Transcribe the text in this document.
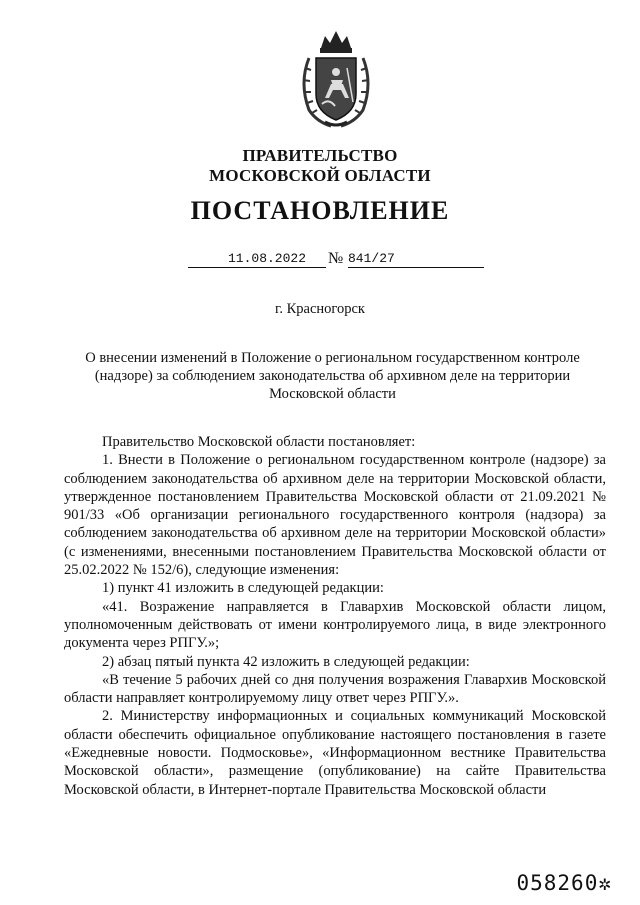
ПРАВИТЕЛЬСТВО
МОСКОВСКОЙ ОБЛАСТИ
ПОСТАНОВЛЕНИЕ
11.08.2022	№ 841/27
г. Красногорск
О внесении изменений в Положение о региональном государственном контроле (надзоре) за соблюдением законодательства об архивном деле на территории Московской области

Правительство Московской области постановляет:

1. Внести в Положение о региональном государственном контроле (надзоре) за соблюдением законодательства об архивном деле на территории Московской области, утвержденное постановлением Правительства Московской области от 21.09.2021 № 901/33 «Об организации регионального государственного контроля (надзора) за соблюдением законодательства об архивном деле на территории Московской области» (с изменениями, внесенными постановлением Правительства Московской области от 25.02.2022 № 152/6), следующие изменения:

1) пункт 41 изложить в следующей редакции:

«41. Возражение направляется в Главархив Московской области лицом, уполномоченным действовать от имени контролируемого лица, в виде электронного документа через РПГУ.»;

2) абзац пятый пункта 42 изложить в следующей редакции:

«В течение 5 рабочих дней со дня получения возражения Главархив Московской области направляет контролируемому лицу ответ через РПГУ.».

2. Министерству информационных и социальных коммуникаций Московской области обеспечить официальное опубликование настоящего постановления в газете «Ежедневные новости. Подмосковье», «Информационном вестнике Правительства Московской области», размещение (опубликование) на сайте Правительства Московской области, в Интернет-портале Правительства Московской области

058260✲
